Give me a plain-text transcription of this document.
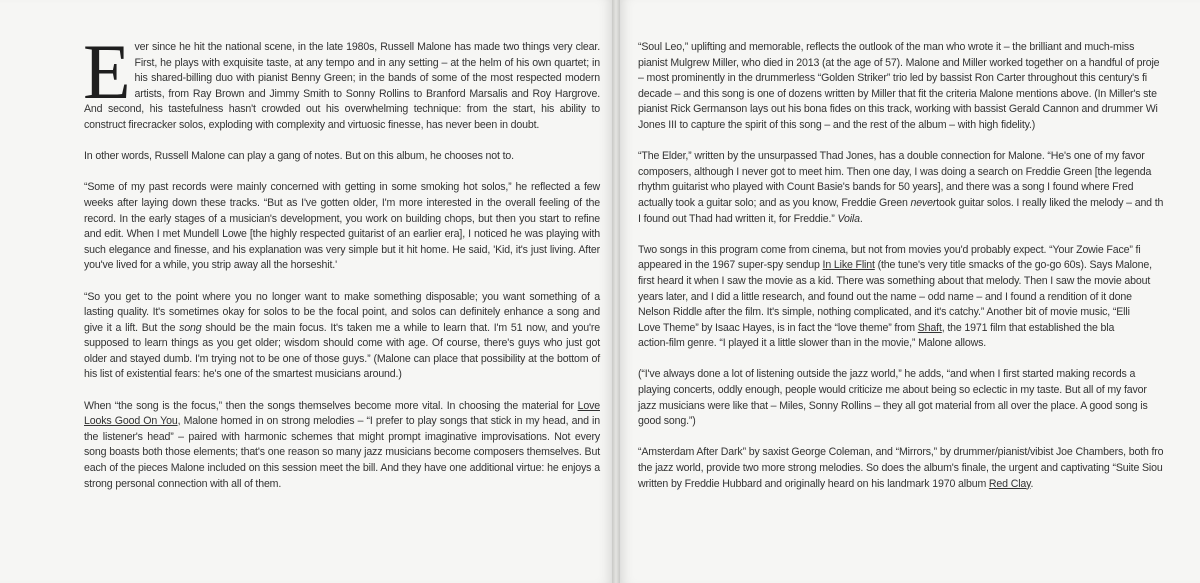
Ever since he hit the national scene, in the late 1980s, Russell Malone has made two things very clear. First, he plays with exquisite taste, at any tempo and in any setting – at the helm of his own quartet; in his shared-billing duo with pianist Benny Green; in the bands of some of the most respected modern artists, from Ray Brown and Jimmy Smith to Sonny Rollins to Branford Marsalis and Roy Hargrove. And second, his tastefulness hasn't crowded out his overwhelming technique: from the start, his ability to construct firecracker solos, exploding with complexity and virtuosic finesse, has never been in doubt.

In other words, Russell Malone can play a gang of notes. But on this album, he chooses not to.

“Some of my past records were mainly concerned with getting in some smoking hot solos,” he reflected a few weeks after laying down these tracks. “But as I've gotten older, I'm more interested in the overall feeling of the record. In the early stages of a musician's development, you work on building chops, but then you start to refine and edit. When I met Mundell Lowe [the highly respected guitarist of an earlier era], I noticed he was playing with such elegance and finesse, and his explanation was very simple but it hit home. He said, 'Kid, it's just living. After you've lived for a while, you strip away all the horseshit.'

“So you get to the point where you no longer want to make something disposable; you want something of a lasting quality. It's sometimes okay for solos to be the focal point, and solos can definitely enhance a song and give it a lift. But the song should be the main focus. It's taken me a while to learn that. I'm 51 now, and you're supposed to learn things as you get older; wisdom should come with age. Of course, there's guys who just got older and stayed dumb. I'm trying not to be one of those guys.” (Malone can place that possibility at the bottom of his list of existential fears: he's one of the smartest musicians around.)

When “the song is the focus,” then the songs themselves become more vital. In choosing the material for Love Looks Good On You, Malone homed in on strong melodies – “I prefer to play songs that stick in my head, and in the listener's head” – paired with harmonic schemes that might prompt imaginative improvisations. Not every song boasts both those elements; that's one reason so many jazz musicians become composers themselves. But each of the pieces Malone included on this session meet the bill. And they have one additional virtue: he enjoys a strong personal connection with all of them.

“Soul Leo,” uplifting and memorable, reflects the outlook of the man who wrote it – the brilliant and much-miss
pianist Mulgrew Miller, who died in 2013 (at the age of 57). Malone and Miller worked together on a handful of proje
– most prominently in the drummerless “Golden Striker” trio led by bassist Ron Carter throughout this century's fi
decade – and this song is one of dozens written by Miller that fit the criteria Malone mentions above. (In Miller's ste
pianist Rick Germanson lays out his bona fides on this track, working with bassist Gerald Cannon and drummer Wi
Jones III to capture the spirit of this song – and the rest of the album – with high fidelity.)

“The Elder,” written by the unsurpassed Thad Jones, has a double connection for Malone. “He's one of my favor
composers, although I never got to meet him. Then one day, I was doing a search on Freddie Green [the legenda
rhythm guitarist who played with Count Basie's bands for 50 years], and there was a song I found where Fred
actually took a guitar solo; and as you know, Freddie Green nevertook guitar solos. I really liked the melody – and th
I found out Thad had written it, for Freddie.” Voila.

Two songs in this program come from cinema, but not from movies you'd probably expect. “Your Zowie Face” fi
appeared in the 1967 super-spy sendup In Like Flint (the tune's very title smacks of the go-go 60s). Says Malone,
first heard it when I saw the movie as a kid. There was something about that melody. Then I saw the movie about
years later, and I did a little research, and found out the name – odd name – and I found a rendition of it done
Nelson Riddle after the film. It's simple, nothing complicated, and it's catchy.” Another bit of movie music, “Elli
Love Theme” by Isaac Hayes, is in fact the “love theme” from Shaft, the 1971 film that established the bla
action-film genre. “I played it a little slower than in the movie,” Malone allows.

(“I've always done a lot of listening outside the jazz world,” he adds, “and when I first started making records a
playing concerts, oddly enough, people would criticize me about being so eclectic in my taste. But all of my favor
jazz musicians were like that – Miles, Sonny Rollins – they all got material from all over the place. A good song is
good song.”)

“Amsterdam After Dark” by saxist George Coleman, and “Mirrors,” by drummer/pianist/vibist Joe Chambers, both fro
the jazz world, provide two more strong melodies. So does the album's finale, the urgent and captivating “Suite Siou
written by Freddie Hubbard and originally heard on his landmark 1970 album Red Clay.
